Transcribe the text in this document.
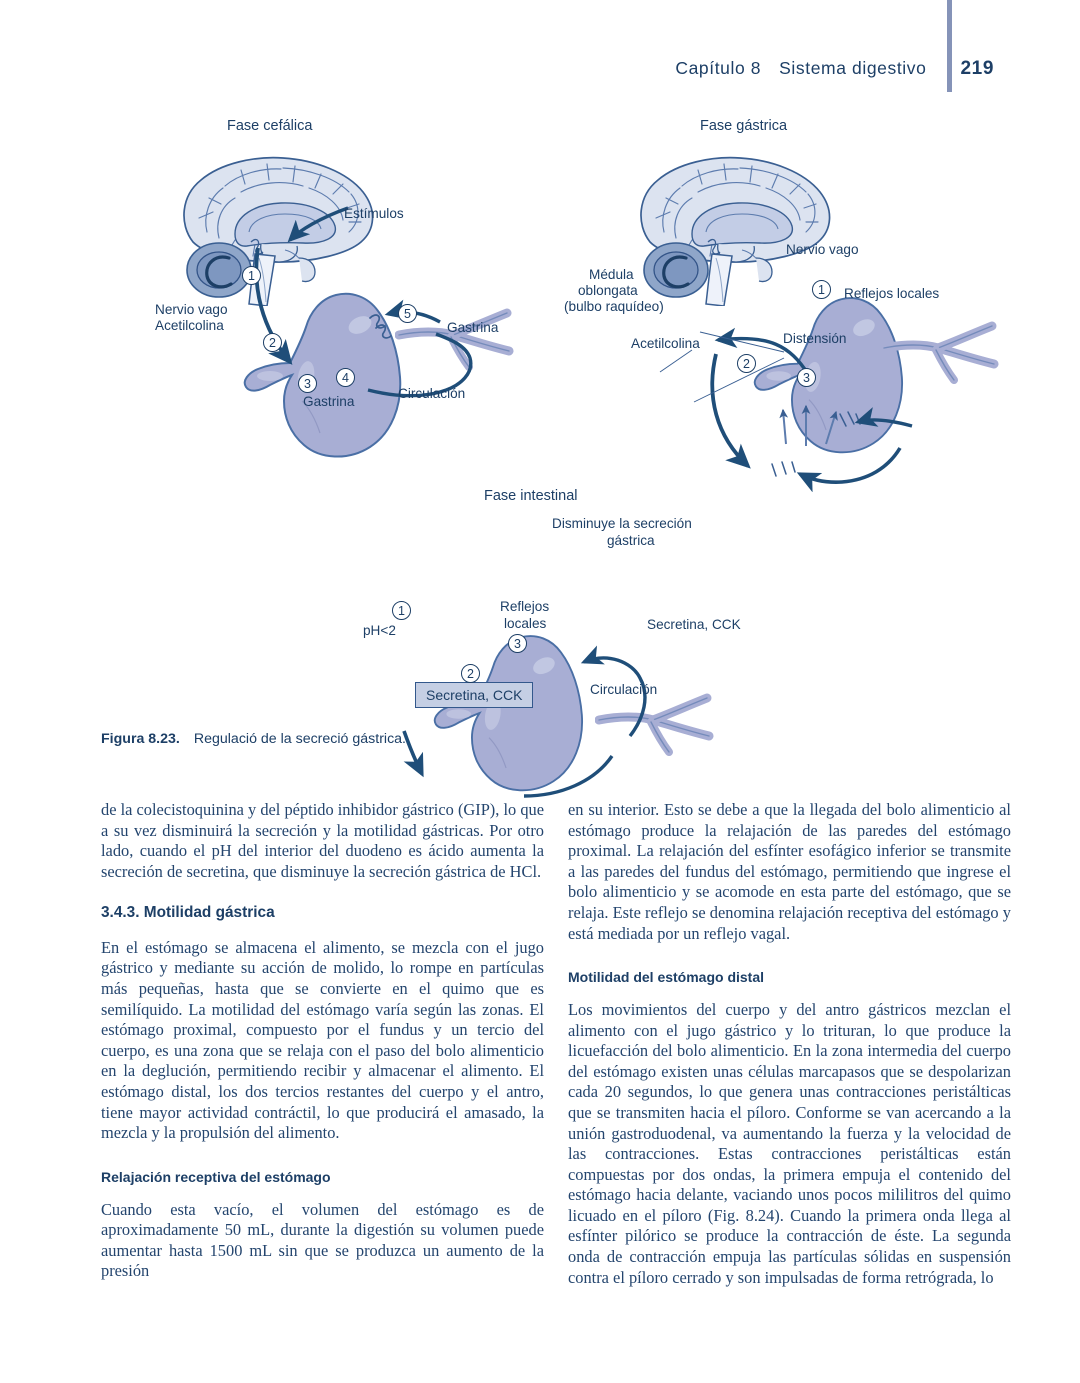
Capítulo 8 Sistema digestivo 219
Fase cefálica
Estímulos
Nervio vago
Acetilcolina
Gastrina
Gastrina
Circulación
1
2
3	4
5
Fase gástrica
Nervio vago
Médula
oblongata
(bulbo raquídeo)
Acetilcolina
Reflejos locales
Distensión
1
2
3
Fase intestinal
Disminuye la secreción
gástrica
pH<2
Reflejos
locales	Secretina, CCK
Circulación
Secretina, CCK
1
2
3
Figura 8.23. Regulació de la secreció gástrica.

de la colecistoquinina y del péptido inhibidor gástrico (GIP), lo que a su vez disminuirá la secreción y la motilidad gástricas. Por otro lado, cuando el pH del interior del duodeno es ácido aumenta la secreción de secretina, que disminuye la secreción gástrica de HCl.

3.4.3. Motilidad gástrica

En el estómago se almacena el alimento, se mezcla con el jugo gástrico y mediante su acción de molido, lo rompe en partículas más pequeñas, hasta que se convierte en el quimo que es semilíquido. La motilidad del estómago varía según las zonas. El estómago proximal, compuesto por el fundus y un tercio del cuerpo, es una zona que se relaja con el paso del bolo alimenticio en la deglución, permitiendo recibir y almacenar el alimento. El estómago distal, los dos tercios restantes del cuerpo y el antro, tiene mayor actividad contráctil, lo que producirá el amasado, la mezcla y la propulsión del alimento.

Relajación receptiva del estómago

Cuando esta vacío, el volumen del estómago es de aproximadamente 50 mL, durante la digestión su volumen puede aumentar hasta 1500 mL sin que se produzca un aumento de la presión

en su interior. Esto se debe a que la llegada del bolo alimenticio al estómago produce la relajación de las paredes del estómago proximal. La relajación del esfínter esofágico inferior se transmite a las paredes del fundus del estómago, permitiendo que ingrese el bolo alimenticio y se acomode en esta parte del estómago, que se relaja. Este reflejo se denomina relajación receptiva del estómago y está mediada por un reflejo vagal.

Motilidad del estómago distal

Los movimientos del cuerpo y del antro gástricos mezclan el alimento con el jugo gástrico y lo trituran, lo que produce la licuefacción del bolo alimenticio. En la zona intermedia del cuerpo del estómago existen unas células marcapasos que se despolarizan cada 20 segundos, lo que genera unas contracciones peristálticas que se transmiten hacia el píloro. Conforme se van acercando a la unión gastroduodenal, va aumentando la fuerza y la velocidad de las contracciones. Estas contracciones peristálticas están compuestas por dos ondas, la primera empuja el contenido del estómago hacia delante, vaciando unos pocos mililitros del quimo licuado en el píloro (Fig. 8.24). Cuando la primera onda llega al esfínter pilórico se produce la contracción de éste. La segunda onda de contracción empuja las partículas sólidas en suspensión contra el píloro cerrado y son impulsadas de forma retrógrada, lo
